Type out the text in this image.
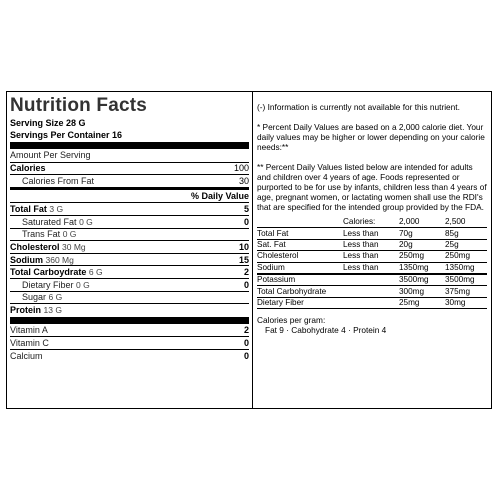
Nutrition Facts
Serving Size 28 G
Servings Per Container 16
Amount Per Serving
Calories	100
Calories From Fat	30
% Daily Value
Total Fat 3 G	5
Saturated Fat 0 G	0
Trans Fat 0 G
Cholesterol 30 Mg	10
Sodium 360 Mg	15
Total Carboydrate 6 G	2
Dietary Fiber 0 G	0
Sugar 6 G
Protein 13 G
Vitamin A	2
Vitamin C	0
Calcium	0

(-) Information is currently not available for this nutrient.

* Percent Daily Values are based on a 2,000 calorie diet. Your daily values may be higher or lower depending on your calorie needs:**

** Percent Daily Values listed below are intended for adults and children over 4 years of age. Foods represented or purported to be for use by infants, children less than 4 years of age, pregnant women, or lactating women shall use the RDI's that are specified for the intended group provided by the FDA.

	Calories:	2,000	2,500
Total Fat	Less than	70g	85g
Sat. Fat	Less than	20g	25g
Cholesterol	Less than	250mg	250mg
Sodium	Less than	1350mg	1350mg
Potassium		3500mg	3500mg
Total Carbohydrate		300mg	375mg
Dietary Fiber		25mg	30mg

Calories per gram:

Fat 9 · Cabohydrate 4 · Protein 4
